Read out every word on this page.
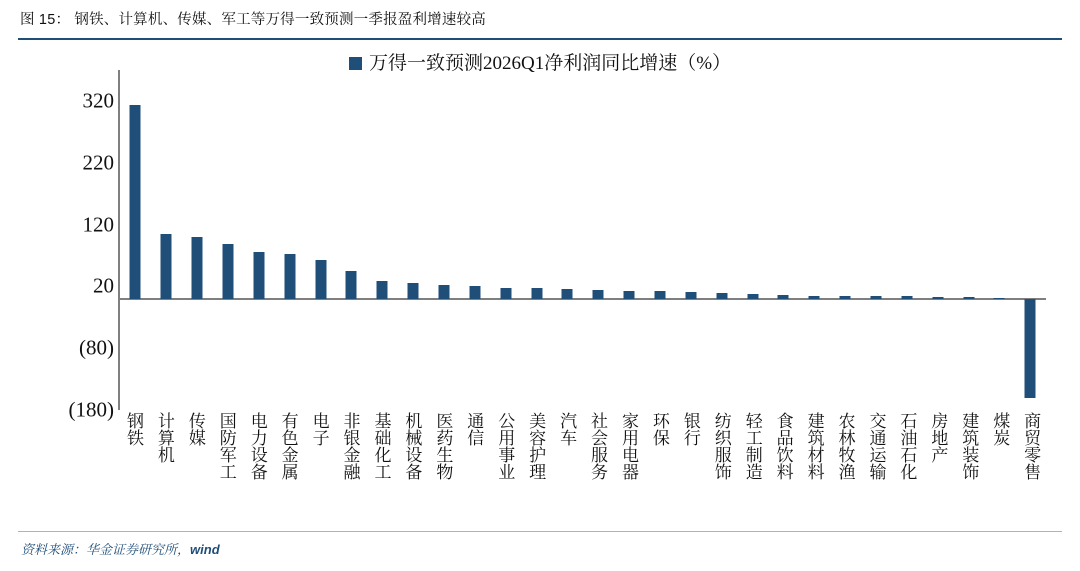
图 15： 钢铁、计算机、传媒、军工等万得一致预测一季报盈利增速较高
万得一致预测2026Q1净利润同比增速（%）
(180)
(80)
20
120
220
320
钢铁 计算机 传媒 国防军工 电力设备 有色金属 电子 非银金融 基础化工 机械设备 医药生物 通信 公用事业 美容护理 汽车 社会服务 家用电器 环保 银行 纺织服饰 轻工制造 食品饮料 建筑材料 农林牧渔 交通运输 石油石化 房地产 建筑装饰 煤炭 商贸零售
资料来源：华金证券研究所，wind
